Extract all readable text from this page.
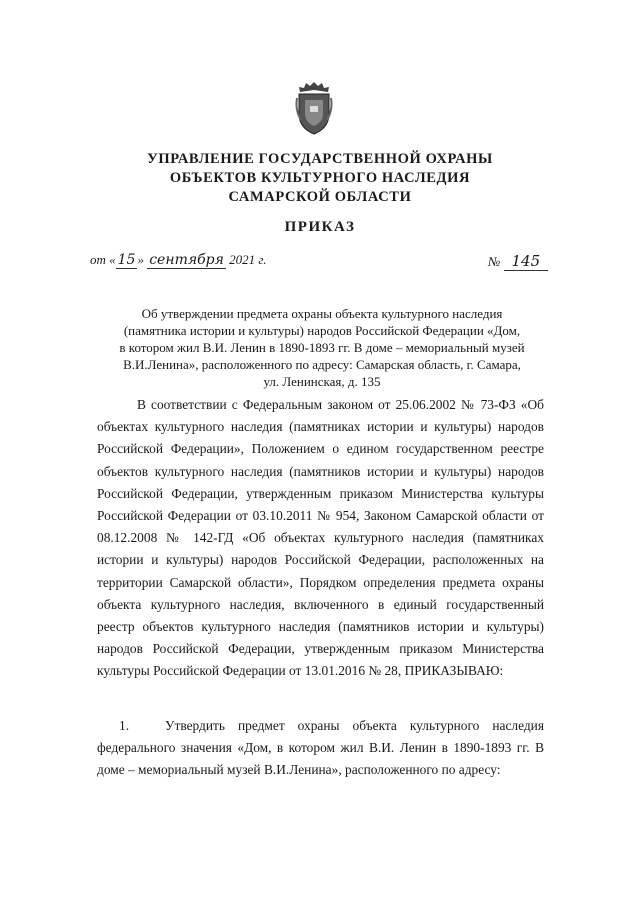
УПРАВЛЕНИЕ ГОСУДАРСТВЕННОЙ ОХРАНЫ
ОБЪЕКТОВ КУЛЬТУРНОГО НАСЛЕДИЯ
САМАРСКОЙ ОБЛАСТИ
ПРИКАЗ
от « 15 » сентября 2021 г.	№ 145
Об утверждении предмета охраны объекта культурного наследия
(памятника истории и культуры) народов Российской Федерации «Дом,
в котором жил В.И. Ленин в 1890-1893 гг. В доме – мемориальный музей
В.И.Ленина», расположенного по адресу: Самарская область, г. Самара,
ул. Ленинская, д. 135
В соответствии с Федеральным законом от 25.06.2002 № 73-ФЗ «Об объектах культурного наследия (памятниках истории и культуры) народов Российской Федерации», Положением о едином государственном реестре объектов культурного наследия (памятников истории и культуры) народов Российской Федерации, утвержденным приказом Министерства культуры Российской Федерации от 03.10.2011 № 954, Законом Самарской области от 08.12.2008 № 142-ГД «Об объектах культурного наследия (памятниках истории и культуры) народов Российской Федерации, расположенных на территории Самарской области», Порядком определения предмета охраны объекта культурного наследия, включенного в единый государственный реестр объектов культурного наследия (памятников истории и культуры) народов Российской Федерации, утвержденным приказом Министерства культуры Российской Федерации от 13.01.2016 № 28, ПРИКАЗЫВАЮ:
1.	Утвердить предмет охраны объекта культурного наследия федерального значения «Дом, в котором жил В.И. Ленин в 1890-1893 гг. В доме – мемориальный музей В.И.Ленина», расположенного по адресу:
